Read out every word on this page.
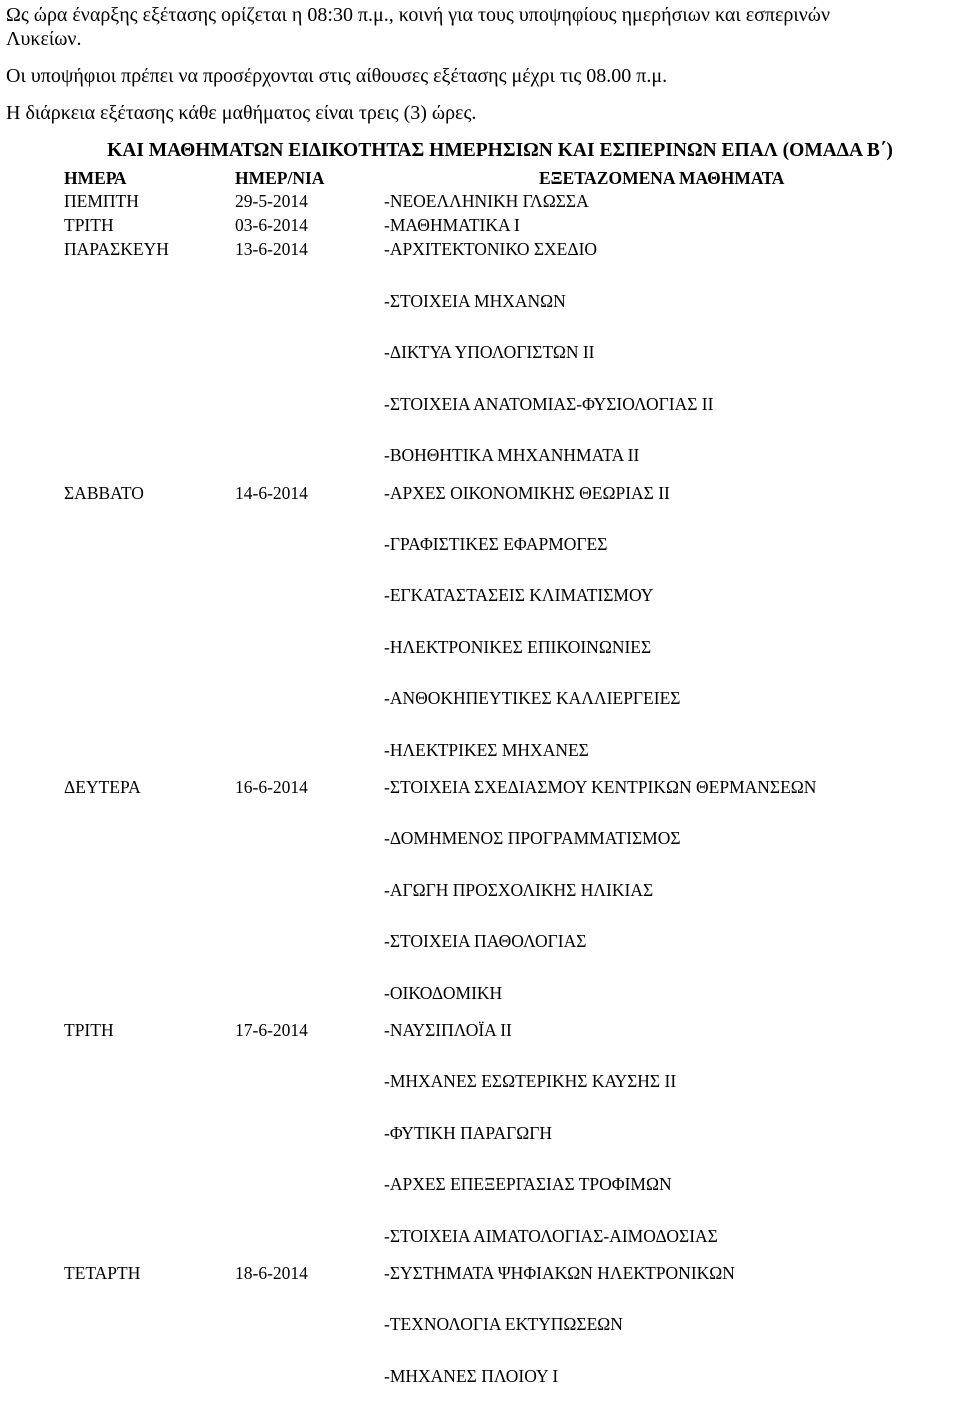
Ως ώρα έναρξης εξέτασης ορίζεται η 08:30 π.μ., κοινή για τους υποψηφίους ημερήσιων και εσπερινών
Λυκείων.
Οι υποψήφιοι πρέπει να προσέρχονται στις αίθουσες εξέτασης μέχρι τις 08.00 π.μ.
Η διάρκεια εξέτασης κάθε μαθήματος είναι τρεις (3) ώρες.
ΚΑΙ ΜΑΘΗΜΑΤΩΝ ΕΙΔΙΚΟΤΗΤΑΣ ΗΜΕΡΗΣΙΩΝ ΚΑΙ ΕΣΠΕΡΙΝΩΝ ΕΠΑΛ (ΟΜΑΔΑ Β΄)
ΗΜΕΡΑ	ΗΜΕΡ/ΝΙΑ	ΕΞΕΤΑΖΟΜΕΝΑ ΜΑΘΗΜΑΤΑ
ΠΕΜΠΤΗ	29-5-2014	-ΝΕΟΕΛΛΗΝΙΚΗ ΓΛΩΣΣΑ
ΤΡΙΤΗ	03-6-2014	-ΜΑΘΗΜΑΤΙΚΑ Ι
ΠΑΡΑΣΚΕΥΗ	13-6-2014	-ΑΡΧΙΤΕΚΤΟΝΙΚΟ ΣΧΕΔΙΟ
-ΣΤΟΙΧΕΙΑ ΜΗΧΑΝΩΝ
-ΔΙΚΤΥΑ ΥΠΟΛΟΓΙΣΤΩΝ ΙΙ
-ΣΤΟΙΧΕΙΑ ΑΝΑΤΟΜΙΑΣ-ΦΥΣΙΟΛΟΓΙΑΣ ΙΙ
-ΒΟΗΘΗΤΙΚΑ ΜΗΧΑΝΗΜΑΤΑ ΙΙ
ΣΑΒΒΑΤΟ	14-6-2014	-ΑΡΧΕΣ ΟΙΚΟΝΟΜΙΚΗΣ ΘΕΩΡΙΑΣ ΙΙ
-ΓΡΑΦΙΣΤΙΚΕΣ ΕΦΑΡΜΟΓΕΣ
-ΕΓΚΑΤΑΣΤΑΣΕΙΣ ΚΛΙΜΑΤΙΣΜΟΥ
-ΗΛΕΚΤΡΟΝΙΚΕΣ ΕΠΙΚΟΙΝΩΝΙΕΣ
-ΑΝΘΟΚΗΠΕΥΤΙΚΕΣ ΚΑΛΛΙΕΡΓΕΙΕΣ
-ΗΛΕΚΤΡΙΚΕΣ ΜΗΧΑΝΕΣ
ΔΕΥΤΕΡΑ	16-6-2014	-ΣΤΟΙΧΕΙΑ ΣΧΕΔΙΑΣΜΟΥ ΚΕΝΤΡΙΚΩΝ ΘΕΡΜΑΝΣΕΩΝ
-ΔΟΜΗΜΕΝΟΣ ΠΡΟΓΡΑΜΜΑΤΙΣΜΟΣ
-ΑΓΩΓΗ ΠΡΟΣΧΟΛΙΚΗΣ ΗΛΙΚΙΑΣ
-ΣΤΟΙΧΕΙΑ ΠΑΘΟΛΟΓΙΑΣ
-ΟΙΚΟΔΟΜΙΚΗ
ΤΡΙΤΗ	17-6-2014	-ΝΑΥΣΙΠΛΟΪΑ ΙΙ
-ΜΗΧΑΝΕΣ ΕΣΩΤΕΡΙΚΗΣ ΚΑΥΣΗΣ ΙΙ
-ΦΥΤΙΚΗ ΠΑΡΑΓΩΓΗ
-ΑΡΧΕΣ ΕΠΕΞΕΡΓΑΣΙΑΣ ΤΡΟΦΙΜΩΝ
-ΣΤΟΙΧΕΙΑ ΑΙΜΑΤΟΛΟΓΙΑΣ-ΑΙΜΟΔΟΣΙΑΣ
ΤΕΤΑΡΤΗ	18-6-2014	-ΣΥΣΤΗΜΑΤΑ ΨΗΦΙΑΚΩΝ ΗΛΕΚΤΡΟΝΙΚΩΝ
-ΤΕΧΝΟΛΟΓΙΑ ΕΚΤΥΠΩΣΕΩΝ
-ΜΗΧΑΝΕΣ ΠΛΟΙΟΥ Ι
